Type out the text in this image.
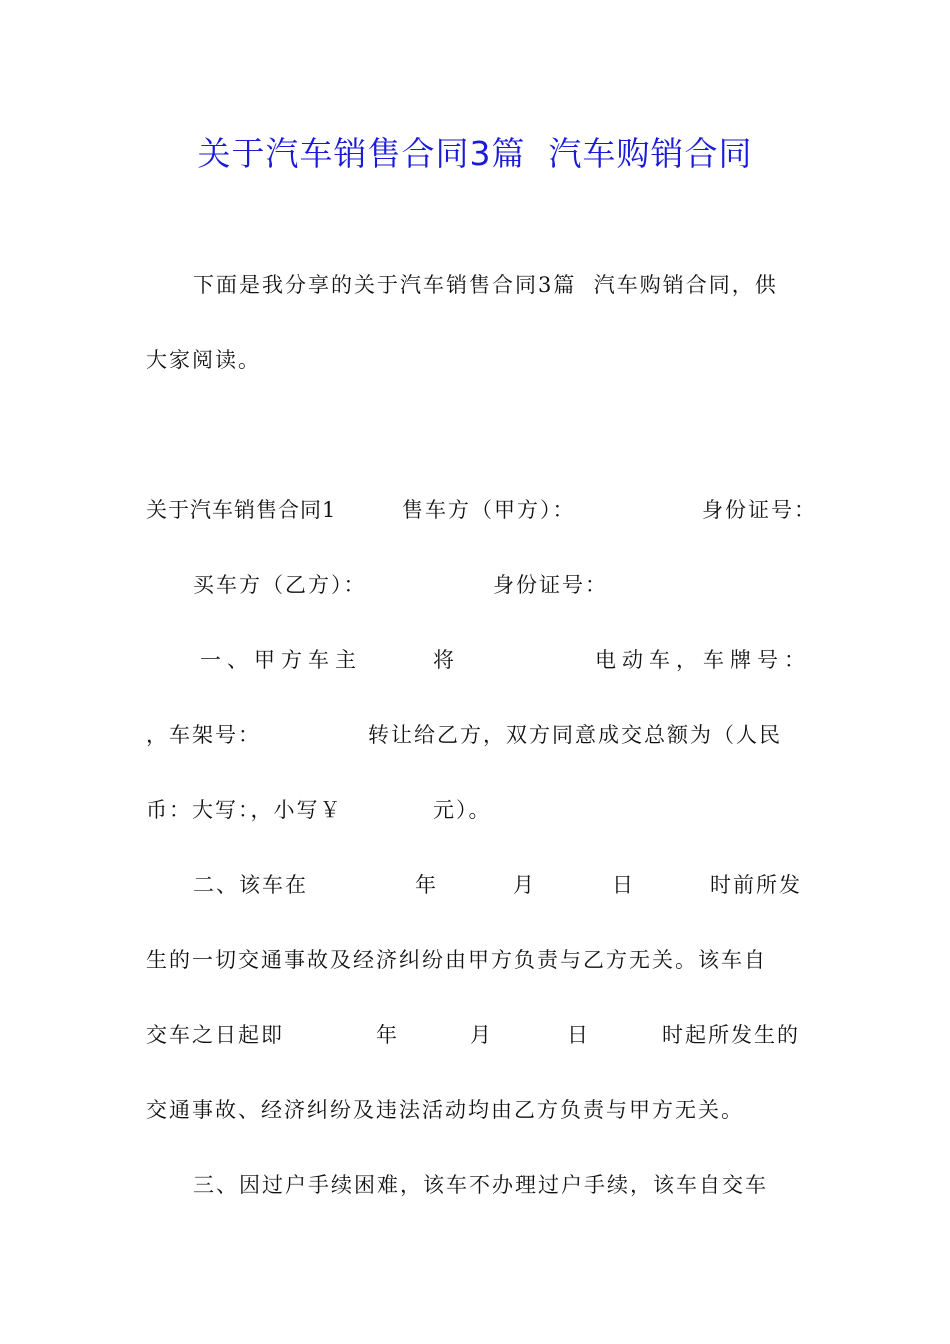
关于汽车销售合同3篇  汽车购销合同
下面是我分享的关于汽车销售合同3篇  汽车购销合同，供
大家阅读。
关于汽车销售合同1	售车方（甲方）：	身份证号：
买车方（乙方）：	身份证号：
一、甲方车主	将	电动车，车牌号：
，车架号：	转让给乙方，双方同意成交总额为（人民
币：大写：，小写￥	元）。
二、该车在	年	月	日	时前所发
生的一切交通事故及经济纠纷由甲方负责与乙方无关。该车自
交车之日起即	年	月	日	时起所发生的
交通事故、经济纠纷及违法活动均由乙方负责与甲方无关。
三、因过户手续困难，该车不办理过户手续，该车自交车
